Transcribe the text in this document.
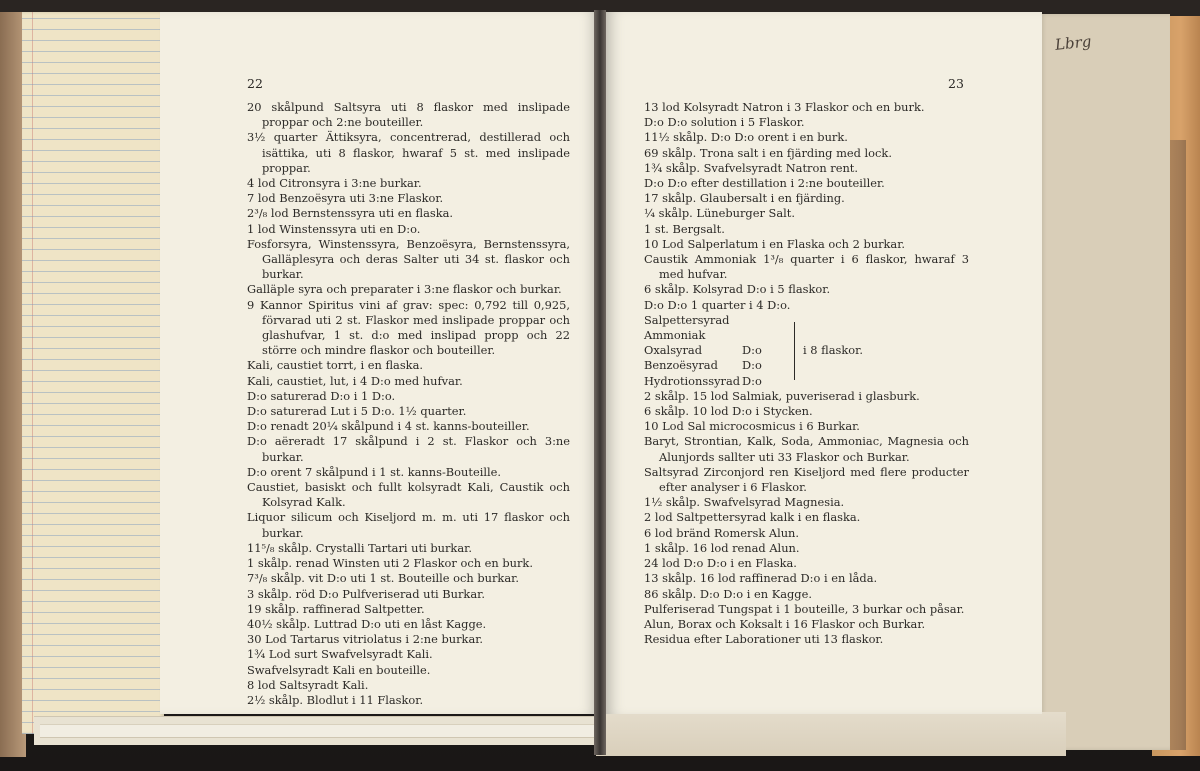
Lbrg
22
20 skålpund Saltsyra uti 8 flaskor med inslipade proppar och 2:ne bouteiller.
3½ quarter Ättiksyra, concentrerad, destillerad och isättika, uti 8 flaskor, hwaraf 5 st. med inslipade proppar.
4 lod Citronsyra i 3:ne burkar.
7 lod Benzoësyra uti 3:ne Flaskor.
2³/₈ lod Bernstenssyra uti en flaska.
1 lod Winstenssyra uti en D:o.
Fosforsyra, Winstenssyra, Benzoësyra, Bernstenssyra, Galläplesyra och deras Salter uti 34 st. flaskor och burkar.
Galläple syra och preparater i 3:ne flaskor och burkar.
9 Kannor Spiritus vini af grav: spec: 0,792 till 0,925, förvarad uti 2 st. Flaskor med inslipade proppar och glashufvar, 1 st. d:o med inslipad propp och 22 större och mindre flaskor och bouteiller.
Kali, caustiet torrt, i en flaska.
Kali, caustiet, lut, i 4 D:o med hufvar.
D:o saturerad D:o i 1 D:o.
D:o saturerad Lut i 5 D:o. 1½ quarter.
D:o renadt 20¼ skålpund i 4 st. kanns-bouteiller.
D:o aëreradt 17 skålpund i 2 st. Flaskor och 3:ne burkar.
D:o orent 7 skålpund i 1 st. kanns-Bouteille.
Caustiet, basiskt och fullt kolsyradt Kali, Caustik och Kolsyrad Kalk.
Liquor silicum och Kiseljord m. m. uti 17 flaskor och burkar.
11⁵/₈ skålp. Crystalli Tartari uti burkar.
1 skålp. renad Winsten uti 2 Flaskor och en burk.
7³/₈ skålp. vit D:o uti 1 st. Bouteille och burkar.
3 skålp. röd D:o Pulfveriserad uti Burkar.
19 skålp. raffinerad Saltpetter.
40½ skålp. Luttrad D:o uti en låst Kagge.
30 Lod Tartarus vitriolatus i 2:ne burkar.
1¾ Lod surt Swafvelsyradt Kali.
Swafvelsyradt Kali en bouteille.
8 lod Saltsyradt Kali.
2½ skålp. Blodlut i 11 Flaskor.
23
13 lod Kolsyradt Natron i 3 Flaskor och en burk.
D:o D:o solution i 5 Flaskor.
11½ skålp. D:o D:o orent i en burk.
69 skålp. Trona salt i en fjärding med lock.
1¾ skålp. Svafvelsyradt Natron rent.
D:o D:o efter destillation i 2:ne bouteiller.
17 skålp. Glaubersalt i en fjärding.
¼ skålp. Lüneburger Salt.
1 st. Bergsalt.
10 Lod Salperlatum i en Flaska och 2 burkar.
Caustik Ammoniak 1³/₈ quarter i 6 flaskor, hwaraf 3 med hufvar.
6 skålp. Kolsyrad D:o i 5 flaskor.
D:o D:o 1 quarter i 4 D:o.
Salpettersyrad Ammoniak
Oxalsyrad	D:o
Benzoësyrad	D:o
Hydrotionssyrad D:o
i 8 flaskor.
2 skålp. 15 lod Salmiak, puveriserad i glasburk.
6 skålp. 10 lod D:o i Stycken.
10 Lod Sal microcosmicus i 6 Burkar.
Baryt, Strontian, Kalk, Soda, Ammoniac, Magnesia och Alunjords sallter uti 33 Flaskor och Burkar.
Saltsyrad Zirconjord ren Kiseljord med flere producter efter analyser i 6 Flaskor.
1½ skålp. Swafvelsyrad Magnesia.
2 lod Saltpettersyrad kalk i en flaska.
6 lod bränd Romersk Alun.
1 skålp. 16 lod renad Alun.
24 lod D:o D:o i en Flaska.
13 skålp. 16 lod raffinerad D:o i en låda.
86 skålp. D:o D:o i en Kagge.
Pulferiserad Tungspat i 1 bouteille, 3 burkar och påsar.
Alun, Borax och Koksalt i 16 Flaskor och Burkar.
Residua efter Laborationer uti 13 flaskor.
